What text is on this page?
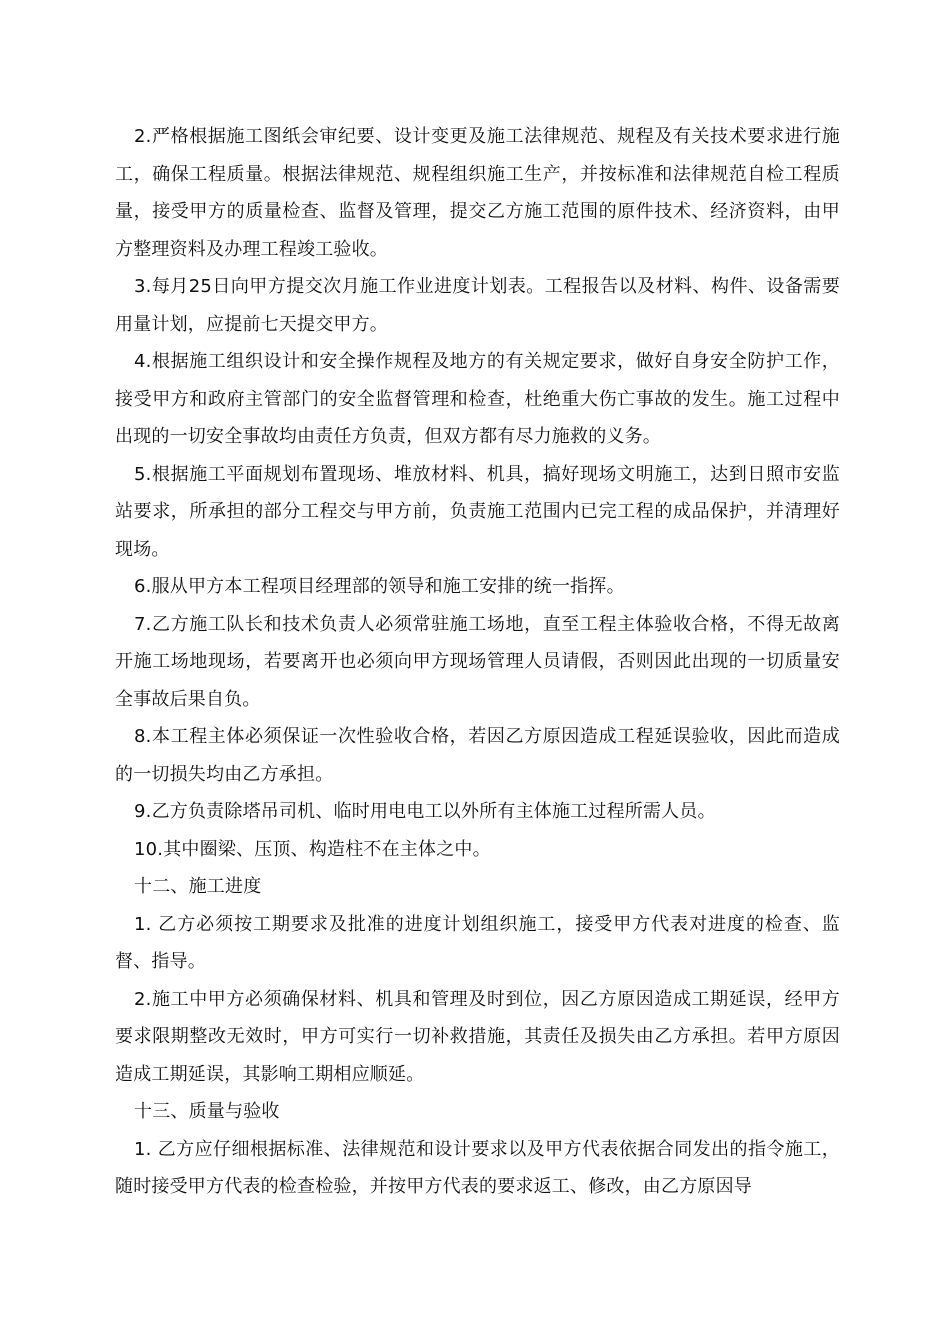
2.严格根据施工图纸会审纪要、设计变更及施工法律规范、规程及有关技术要求进行施工，确保工程质量。根据法律规范、规程组织施工生产，并按标准和法律规范自检工程质量，接受甲方的质量检查、监督及管理，提交乙方施工范围的原件技术、经济资料，由甲方整理资料及办理工程竣工验收。

3.每月25日向甲方提交次月施工作业进度计划表。工程报告以及材料、构件、设备需要用量计划，应提前七天提交甲方。

4.根据施工组织设计和安全操作规程及地方的有关规定要求，做好自身安全防护工作，接受甲方和政府主管部门的安全监督管理和检查，杜绝重大伤亡事故的发生。施工过程中出现的一切安全事故均由责任方负责，但双方都有尽力施救的义务。

5.根据施工平面规划布置现场、堆放材料、机具，搞好现场文明施工，达到日照市安监站要求，所承担的部分工程交与甲方前，负责施工范围内已完工程的成品保护，并清理好现场。

6.服从甲方本工程项目经理部的领导和施工安排的统一指挥。

7.乙方施工队长和技术负责人必须常驻施工场地，直至工程主体验收合格，不得无故离开施工场地现场，若要离开也必须向甲方现场管理人员请假，否则因此出现的一切质量安全事故后果自负。

8.本工程主体必须保证一次性验收合格，若因乙方原因造成工程延误验收，因此而造成的一切损失均由乙方承担。

9.乙方负责除塔吊司机、临时用电电工以外所有主体施工过程所需人员。

10.其中圈梁、压顶、构造柱不在主体之中。

十二、施工进度

1. 乙方必须按工期要求及批准的进度计划组织施工，接受甲方代表对进度的检查、监督、指导。

2.施工中甲方必须确保材料、机具和管理及时到位，因乙方原因造成工期延误，经甲方要求限期整改无效时，甲方可实行一切补救措施，其责任及损失由乙方承担。若甲方原因造成工期延误，其影响工期相应顺延。

十三、质量与验收

1. 乙方应仔细根据标准、法律规范和设计要求以及甲方代表依据合同发出的指令施工，随时接受甲方代表的检查检验，并按甲方代表的要求返工、修改，由乙方原因导
